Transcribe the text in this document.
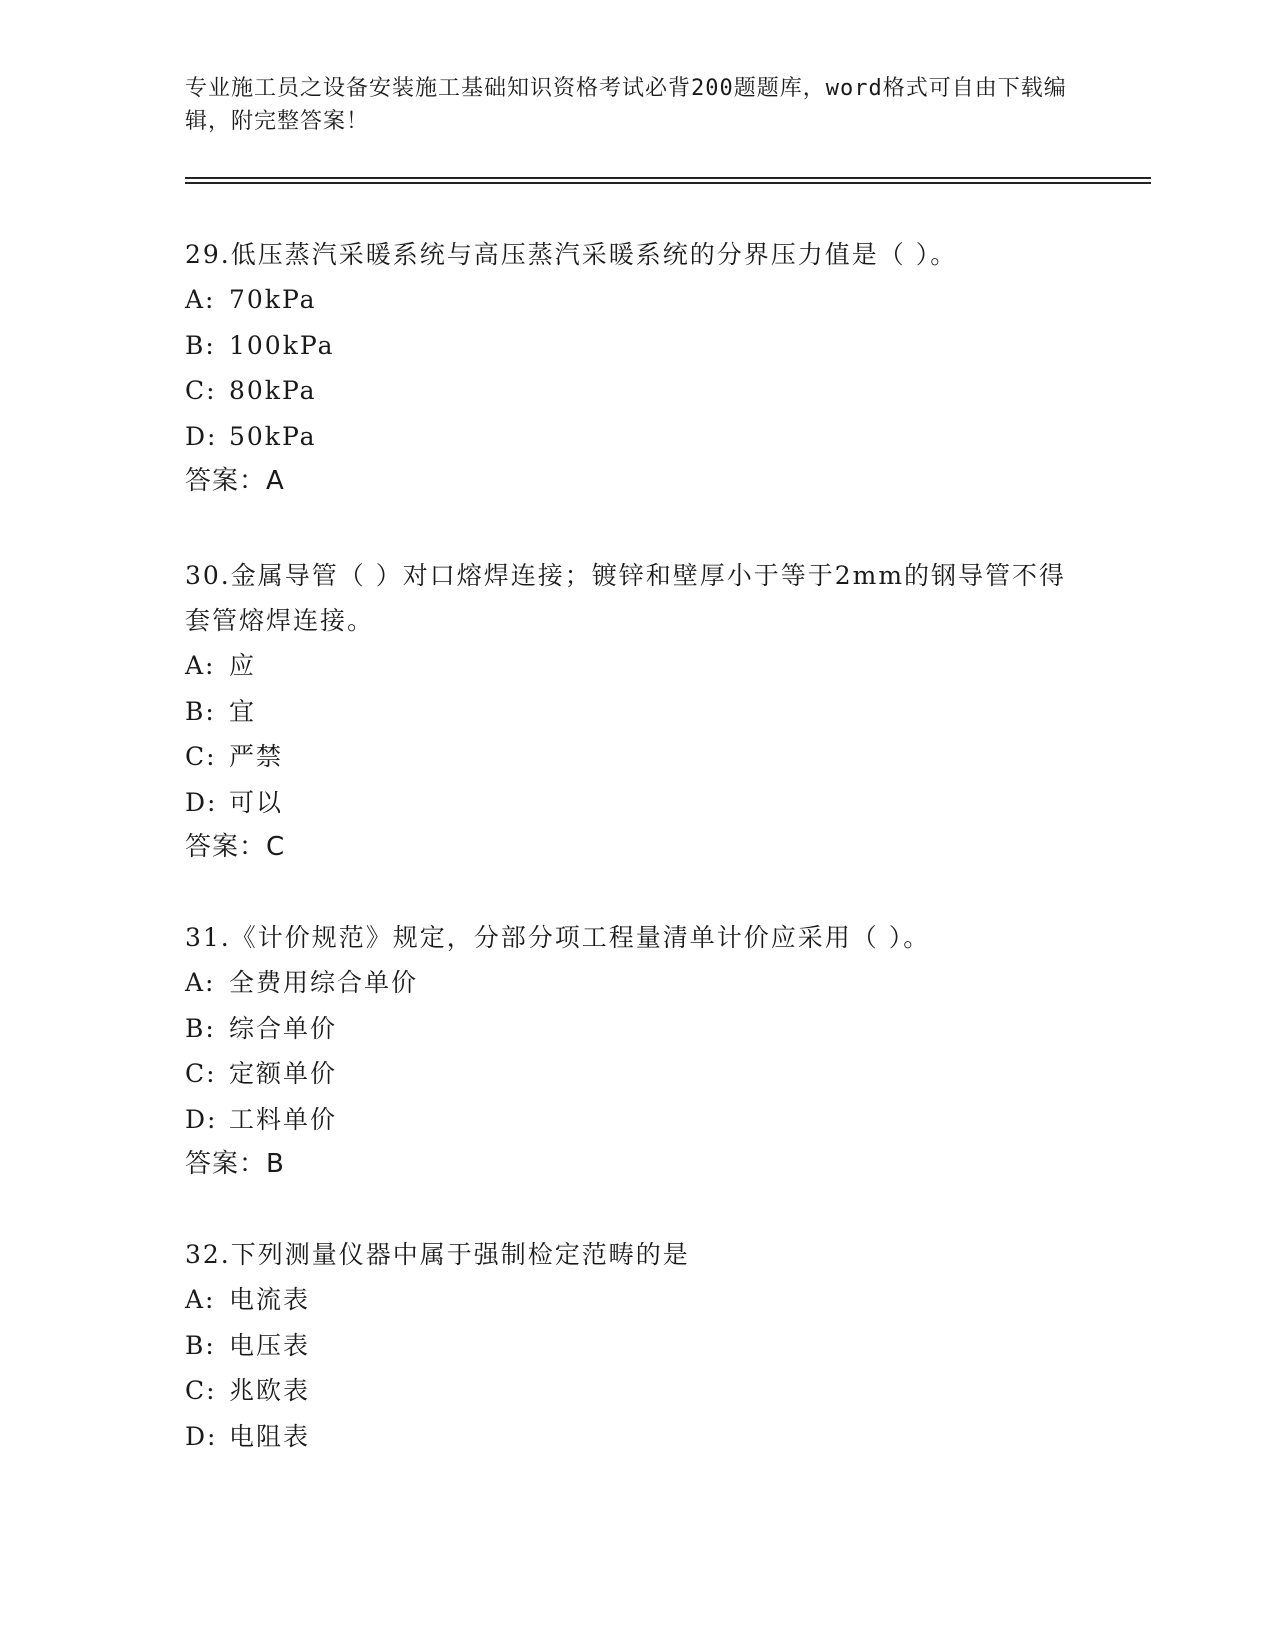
专业施工员之设备安装施工基础知识资格考试必背200题题库，word格式可自由下载编辑，附完整答案！

29.低压蒸汽采暖系统与高压蒸汽采暖系统的分界压力值是（ ）。

A: 70kPa
B: 100kPa
C: 80kPa
D: 50kPa
答案：A

30.金属导管（ ）对口熔焊连接；镀锌和壁厚小于等于2mm的钢导管不得套管熔焊连接。

A: 应
B: 宜
C: 严禁
D: 可以
答案：C

31.《计价规范》规定，分部分项工程量清单计价应采用（ ）。

A: 全费用综合单价
B: 综合单价
C: 定额单价
D: 工料单价
答案：B

32.下列测量仪器中属于强制检定范畴的是

A: 电流表
B: 电压表
C: 兆欧表
D: 电阻表
